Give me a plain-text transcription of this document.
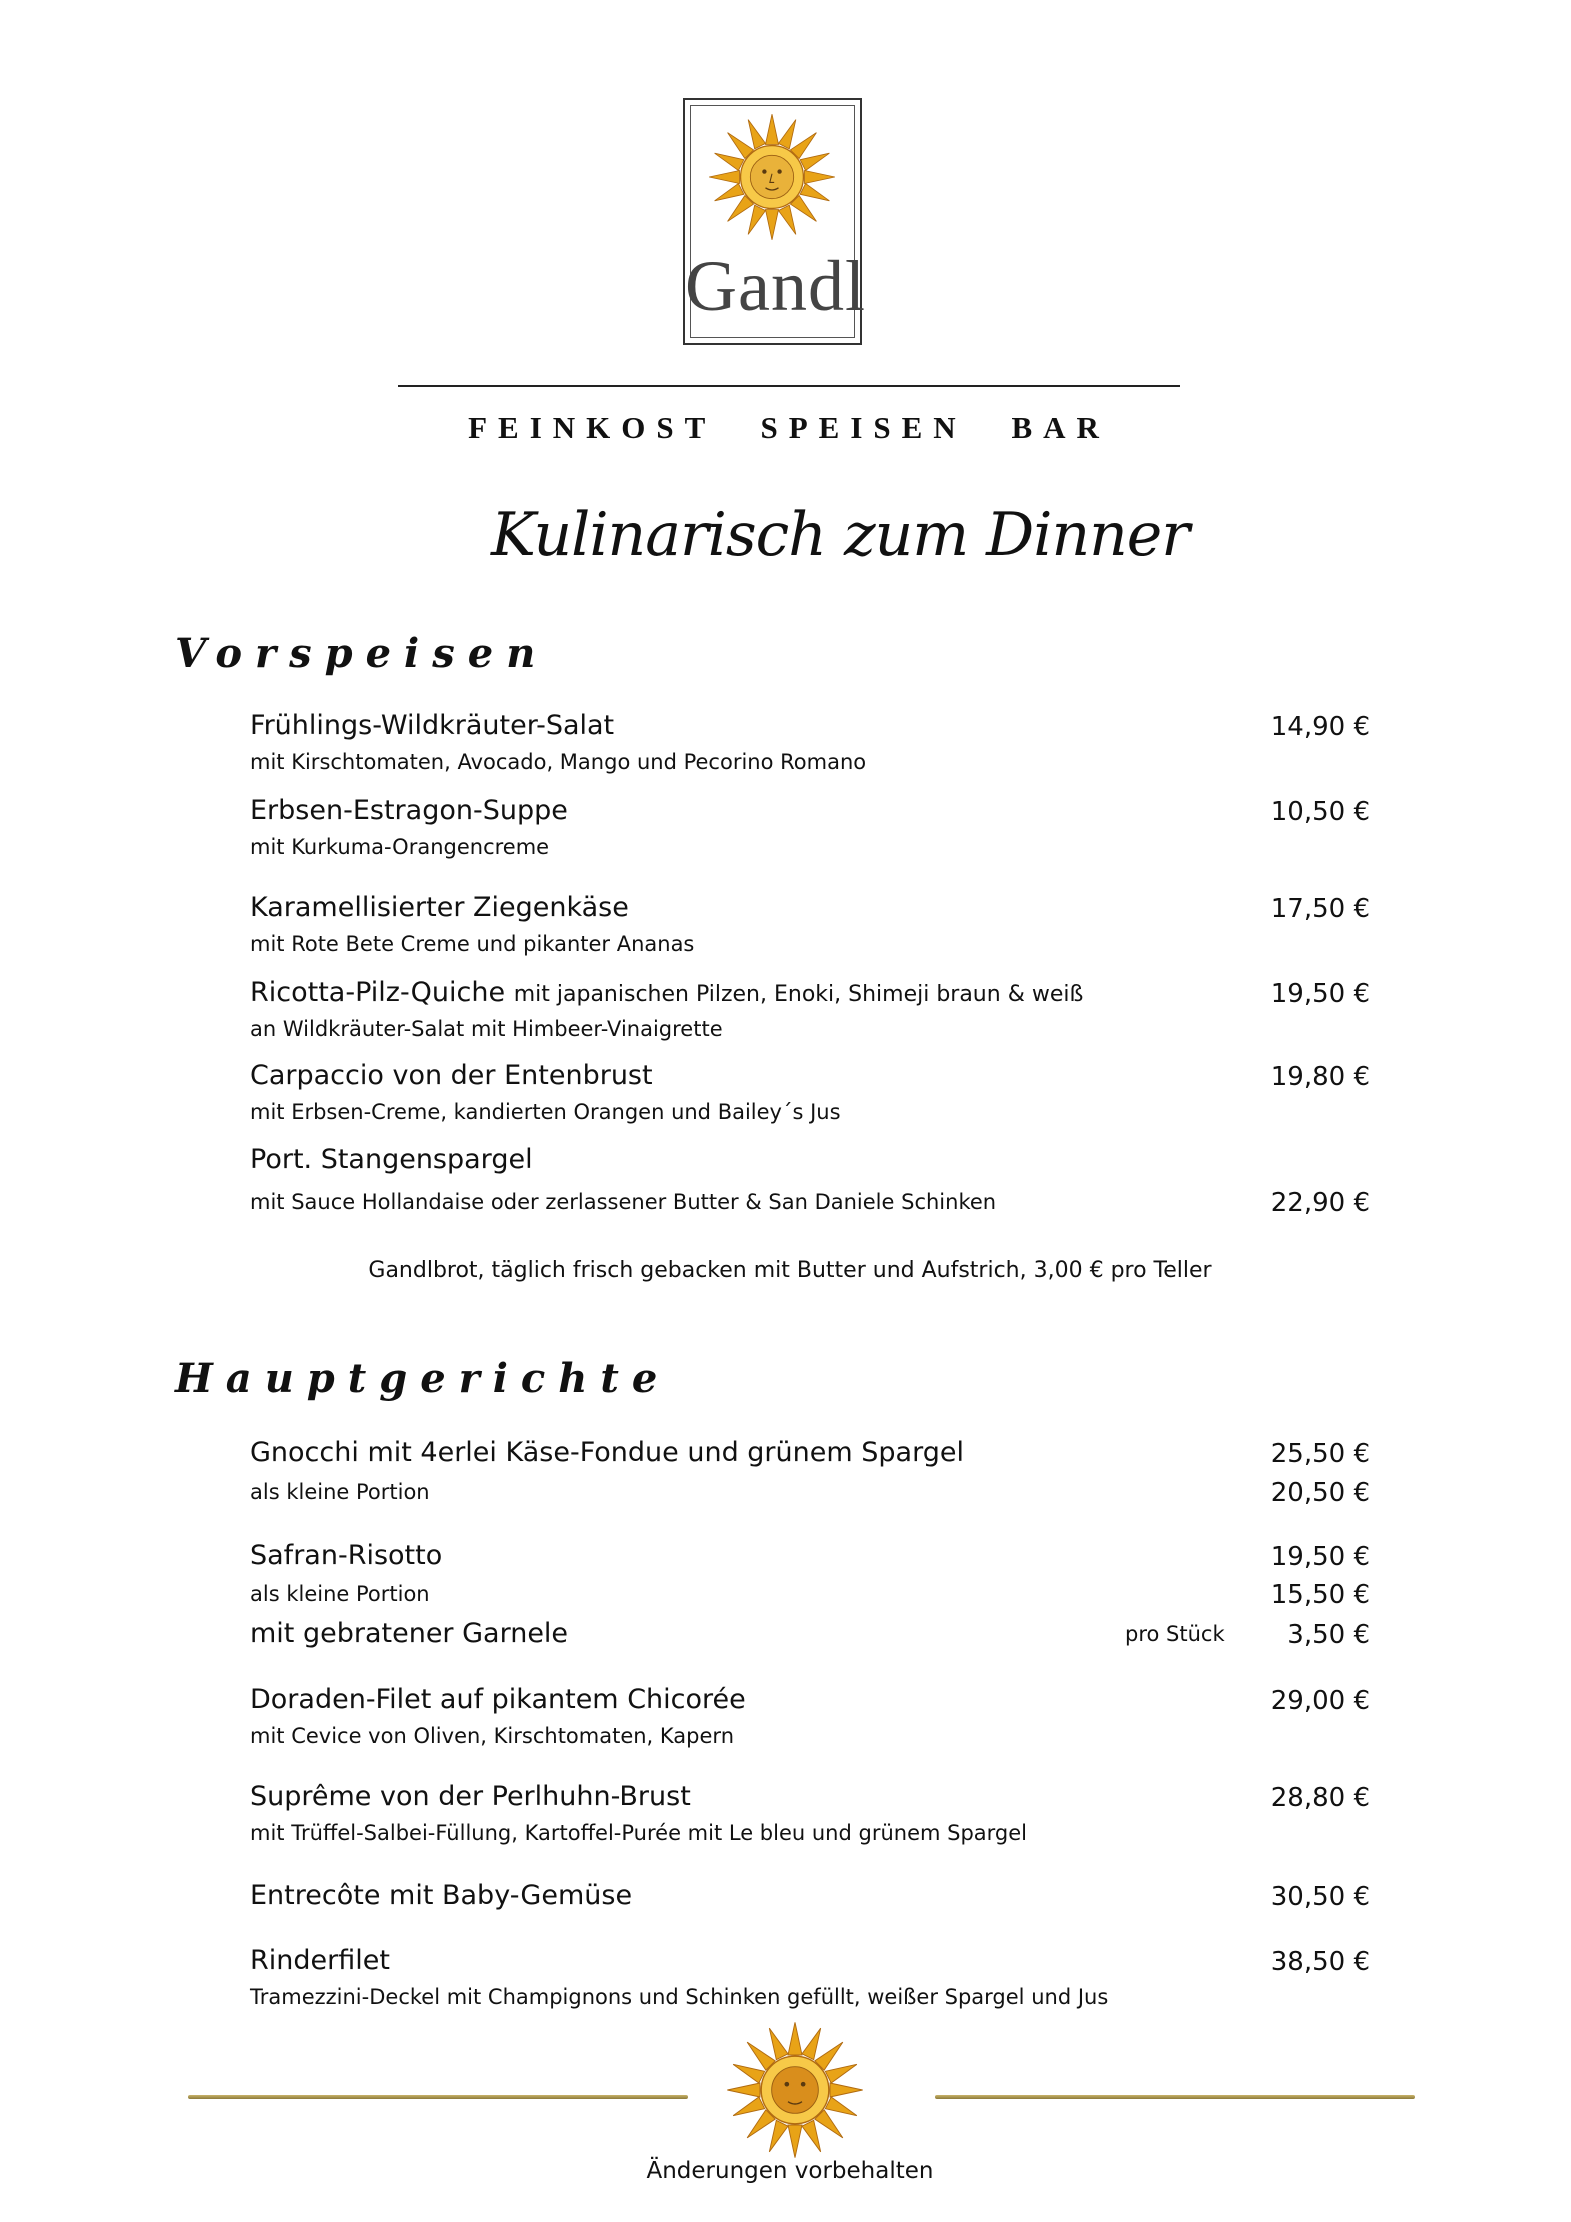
Gandl
FEINKOST SPEISEN BAR
Kulinarisch zum Dinner
Vorspeisen
Frühlings-Wildkräuter-Salat	14,90 €
mit Kirschtomaten, Avocado, Mango und Pecorino Romano
Erbsen-Estragon-Suppe	10,50 €
mit Kurkuma-Orangencreme
Karamellisierter Ziegenkäse	17,50 €
mit Rote Bete Creme und pikanter Ananas
Ricotta-Pilz-Quiche mit japanischen Pilzen, Enoki, Shimeji braun & weiß	19,50 €
an Wildkräuter-Salat mit Himbeer-Vinaigrette
Carpaccio von der Entenbrust	19,80 €
mit Erbsen-Creme, kandierten Orangen und Bailey´s Jus
Port. Stangenspargel
mit Sauce Hollandaise oder zerlassener Butter & San Daniele Schinken	22,90 €
Gandlbrot, täglich frisch gebacken mit Butter und Aufstrich, 3,00 € pro Teller
Hauptgerichte
Gnocchi mit 4erlei Käse-Fondue und grünem Spargel	25,50 €
als kleine Portion	20,50 €
Safran-Risotto	19,50 €
als kleine Portion	15,50 €
mit gebratener Garnele	pro Stück	3,50 €
Doraden-Filet auf pikantem Chicorée	29,00 €
mit Cevice von Oliven, Kirschtomaten, Kapern
Suprême von der Perlhuhn-Brust	28,80 €
mit Trüffel-Salbei-Füllung, Kartoffel-Purée mit Le bleu und grünem Spargel
Entrecôte mit Baby-Gemüse	30,50 €
Rinderfilet	38,50 €
Tramezzini-Deckel mit Champignons und Schinken gefüllt, weißer Spargel und Jus
Änderungen vorbehalten
